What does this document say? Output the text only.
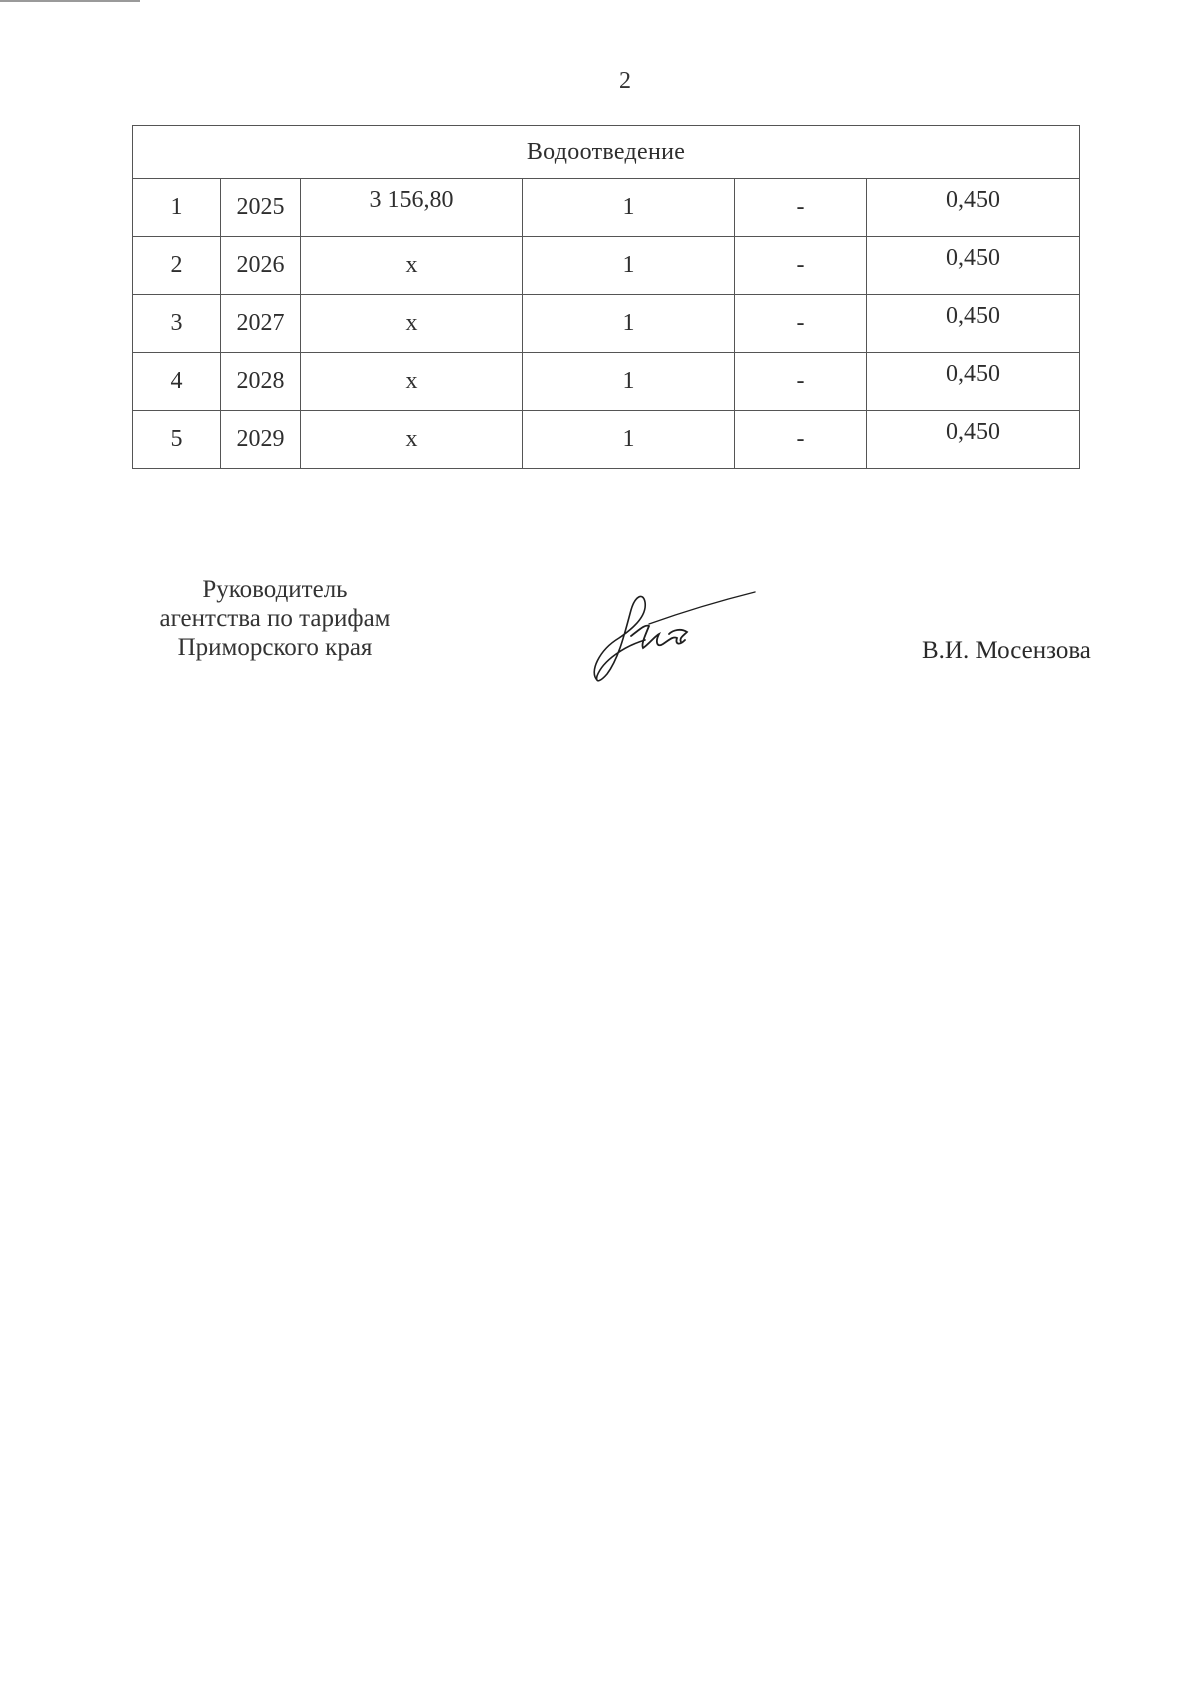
2
Водоотведение					
1	2025	3 156,80	1	-	0,450
2	2026	x	1	-	0,450
3	2027	x	1	-	0,450
4	2028	x	1	-	0,450
5	2029	x	1	-	0,450
Руководитель
агентства по тарифам
Приморского края	В.И. Мосензова
